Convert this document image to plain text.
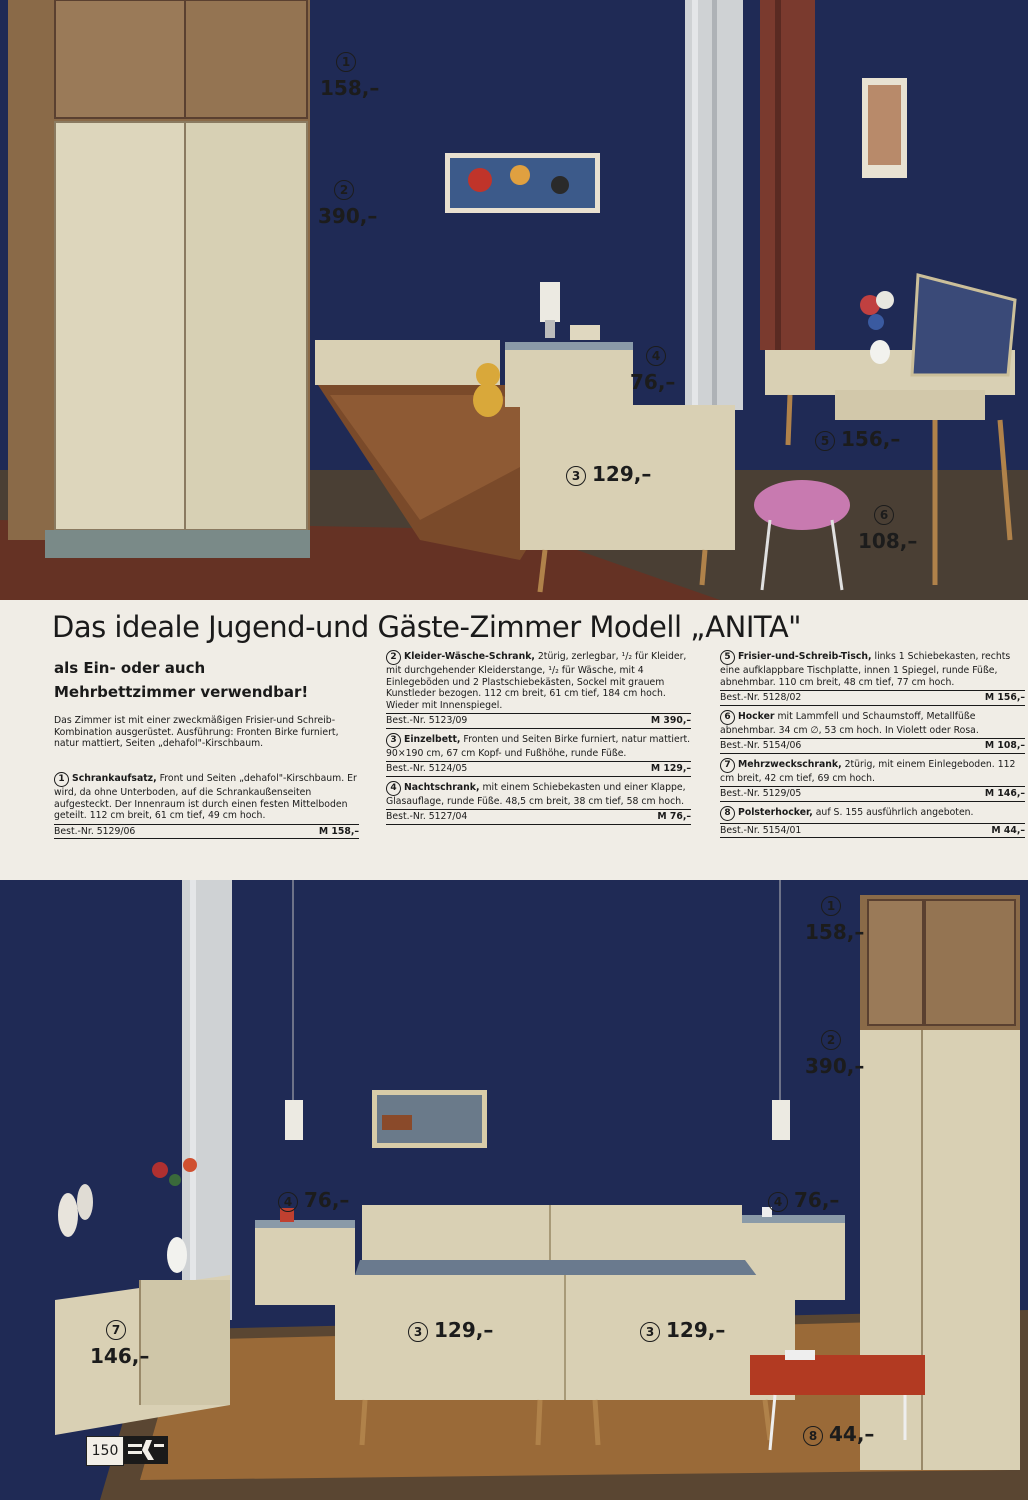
1
158,–
2
390,–
3 129,–
4
76,–
5 156,–
6
108,–
Das ideale Jugend-und Gäste-Zimmer Modell „ANITA"
als Ein- oder auch
Mehrbettzimmer verwendbar!
Das Zimmer ist mit einer zweckmäßigen Frisier-und Schreib-Kombination ausgerüstet. Ausführung: Fronten Birke furniert, natur mattiert, Seiten „dehafol"-Kirschbaum.
1 Schrankaufsatz, Front und Seiten „dehafol"-Kirschbaum. Er wird, da ohne Unterboden, auf die Schrankaußenseiten aufgesteckt. Der Innenraum ist durch einen festen Mittelboden geteilt. 112 cm breit, 61 cm tief, 49 cm hoch.
Best.-Nr. 5129/06	M 158,–
2 Kleider-Wäsche-Schrank, 2türig, zerlegbar, ¹/₂ für Kleider, mit durchgehender Kleiderstange, ¹/₂ für Wäsche, mit 4 Einlegeböden und 2 Plastschiebekästen, Sockel mit grauem Kunstleder bezogen. 112 cm breit, 61 cm tief, 184 cm hoch. Wieder mit Innenspiegel.
Best.-Nr. 5123/09	M 390,–
3 Einzelbett, Fronten und Seiten Birke furniert, natur mattiert. 90×190 cm, 67 cm Kopf- und Fußhöhe, runde Füße.
Best.-Nr. 5124/05	M 129,–
4 Nachtschrank, mit einem Schiebekasten und einer Klappe, Glasauflage, runde Füße. 48,5 cm breit, 38 cm tief, 58 cm hoch.
Best.-Nr. 5127/04	M 76,–
5 Frisier-und-Schreib-Tisch, links 1 Schiebekasten, rechts eine aufklappbare Tischplatte, innen 1 Spiegel, runde Füße, abnehmbar. 110 cm breit, 48 cm tief, 77 cm hoch.
Best.-Nr. 5128/02	M 156,–
6 Hocker mit Lammfell und Schaumstoff, Metallfüße abnehmbar. 34 cm ∅, 53 cm hoch. In Violett oder Rosa.
Best.-Nr. 5154/06	M 108,–
7 Mehrzweckschrank, 2türig, mit einem Einlegeboden. 112 cm breit, 42 cm tief, 69 cm hoch.
Best.-Nr. 5129/05	M 146,–
8 Polsterhocker, auf S. 155 ausführlich angeboten.
Best.-Nr. 5154/01	M 44,–
1
158,–
2
390,–
4 76,–	4 76,–
3 129,–	3 129,–
7
146,–
8 44,–
150
